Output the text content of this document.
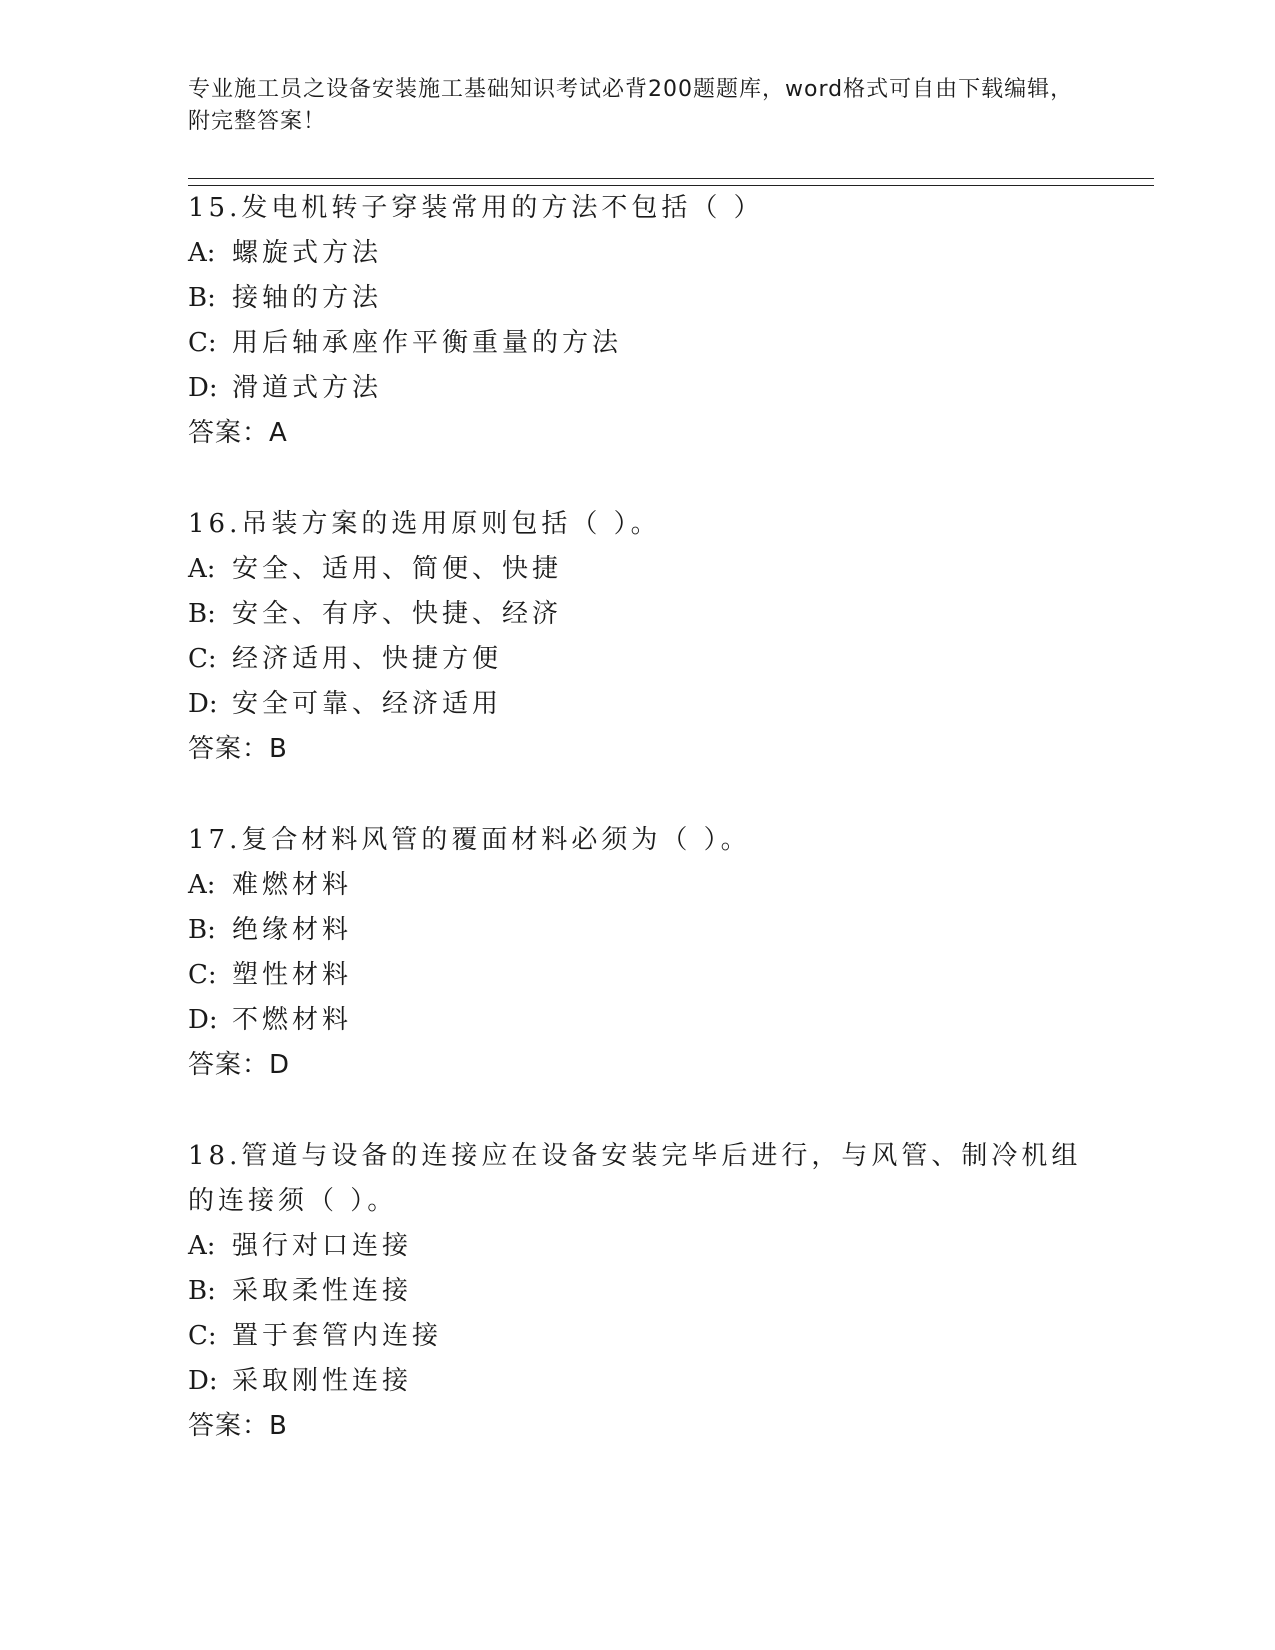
专业施工员之设备安装施工基础知识考试必背200题题库，word格式可自由下载编辑，附完整答案！

15.发电机转子穿装常用的方法不包括（ ）

A: 螺旋式方法
B: 接轴的方法
C: 用后轴承座作平衡重量的方法
D: 滑道式方法
答案：A

16.吊装方案的选用原则包括（ ）。

A: 安全、适用、简便、快捷
B: 安全、有序、快捷、经济
C: 经济适用、快捷方便
D: 安全可靠、经济适用
答案：B

17.复合材料风管的覆面材料必须为（ ）。

A: 难燃材料
B: 绝缘材料
C: 塑性材料
D: 不燃材料
答案：D

18.管道与设备的连接应在设备安装完毕后进行，与风管、制冷机组的连接须（ ）。

A: 强行对口连接
B: 采取柔性连接
C: 置于套管内连接
D: 采取刚性连接
答案：B
